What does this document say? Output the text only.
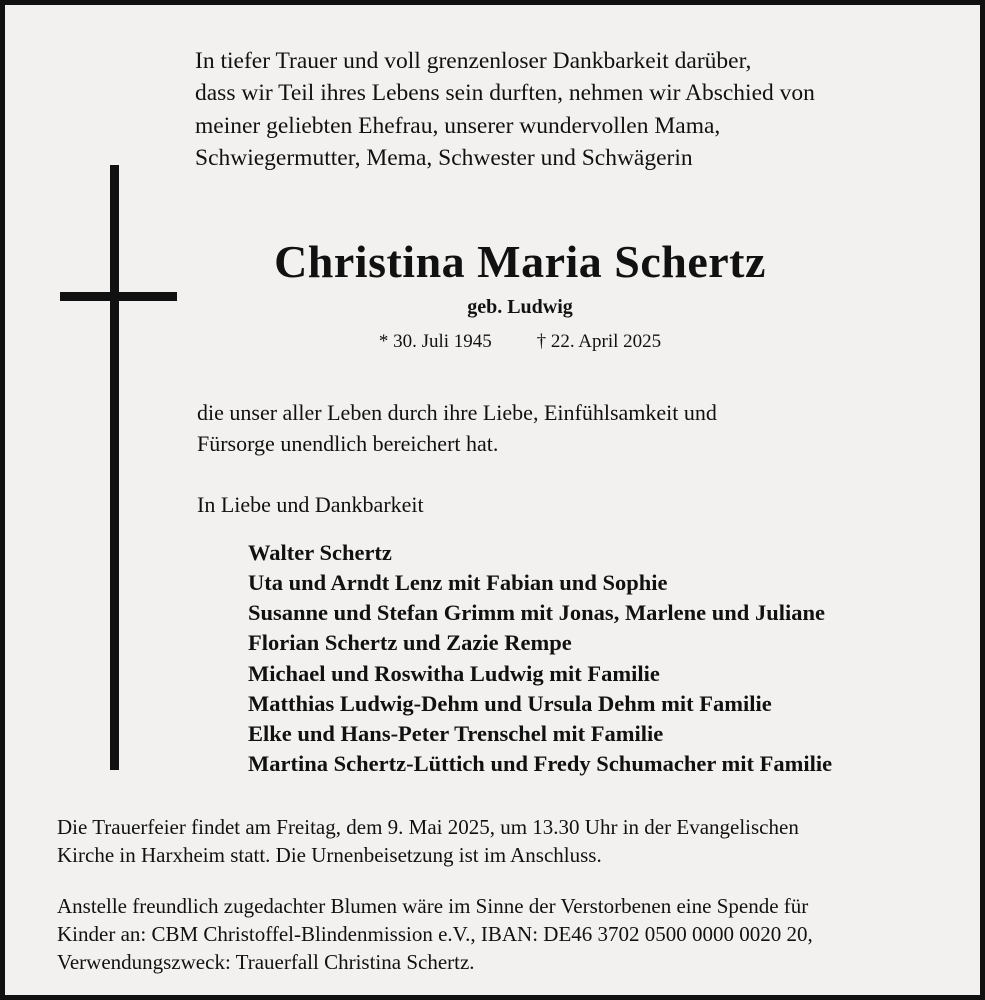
In tiefer Trauer und voll grenzenloser Dankbarkeit darüber,
dass wir Teil ihres Lebens sein durften, nehmen wir Abschied von
meiner geliebten Ehefrau, unserer wundervollen Mama,
Schwiegermutter, Mema, Schwester und Schwägerin
Christina Maria Schertz
geb. Ludwig
* 30. Juli 1945 † 22. April 2025
die unser aller Leben durch ihre Liebe, Einfühlsamkeit und
Fürsorge unendlich bereichert hat.
In Liebe und Dankbarkeit
Walter Schertz
Uta und Arndt Lenz mit Fabian und Sophie
Susanne und Stefan Grimm mit Jonas, Marlene und Juliane
Florian Schertz und Zazie Rempe
Michael und Roswitha Ludwig mit Familie
Matthias Ludwig-Dehm und Ursula Dehm mit Familie
Elke und Hans-Peter Trenschel mit Familie
Martina Schertz-Lüttich und Fredy Schumacher mit Familie
Die Trauerfeier findet am Freitag, dem 9. Mai 2025, um 13.30 Uhr in der Evangelischen
Kirche in Harxheim statt. Die Urnenbeisetzung ist im Anschluss.
Anstelle freundlich zugedachter Blumen wäre im Sinne der Verstorbenen eine Spende für
Kinder an: CBM Christoffel-Blindenmission e.V., IBAN: DE46 3702 0500 0000 0020 20,
Verwendungszweck: Trauerfall Christina Schertz.
